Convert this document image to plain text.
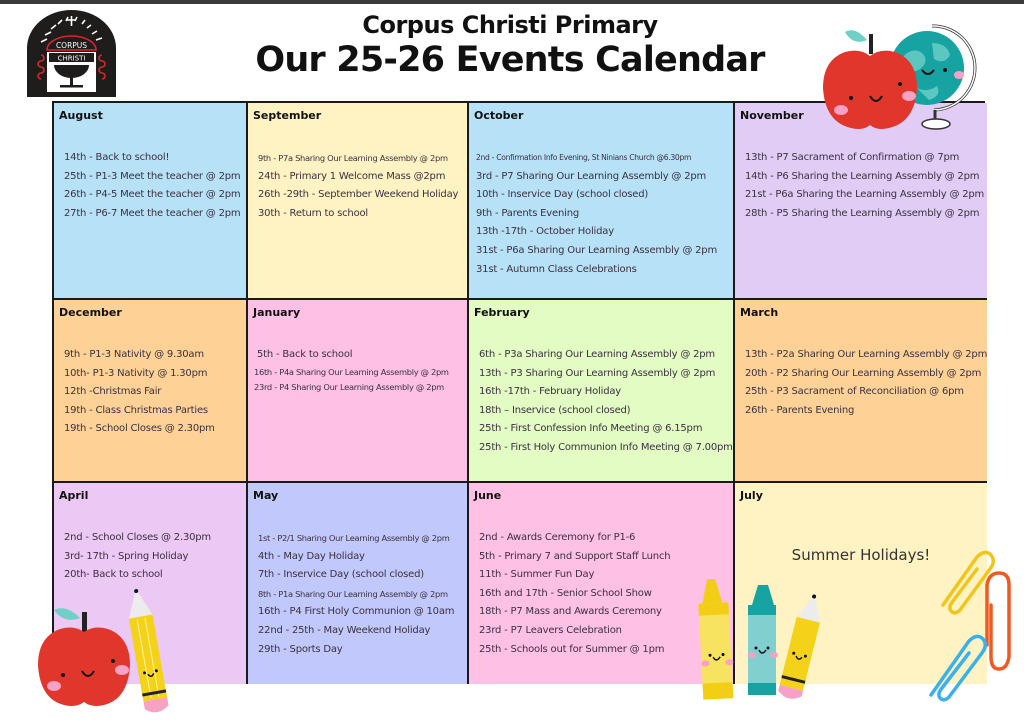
CORPUS
CHRISTI
Corpus Christi Primary
Our 25-26 Events Calendar
August
14th - Back to school!
25th - P1-3 Meet the teacher @ 2pm
26th - P4-5 Meet the teacher @ 2pm
27th - P6-7 Meet the teacher @ 2pm
September
9th - P7a Sharing Our Learning Assembly @ 2pm
24th - Primary 1 Welcome Mass @2pm
26th -29th - September Weekend Holiday
30th - Return to school
October
2nd - Confirmation Info Evening, St Ninians Church @6.30pm
3rd - P7 Sharing Our Learning Assembly @ 2pm
10th - Inservice Day (school closed)
9th - Parents Evening
13th -17th - October Holiday
31st - P6a Sharing Our Learning Assembly @ 2pm
31st - Autumn Class Celebrations
November
13th - P7 Sacrament of Confirmation @ 7pm
14th - P6 Sharing the Learning Assembly @ 2pm
21st - P6a Sharing the Learning Assembly @ 2pm
28th - P5 Sharing the Learning Assembly @ 2pm
December
9th - P1-3 Nativity @ 9.30am
10th- P1-3 Nativity @ 1.30pm
12th -Christmas Fair
19th - Class Christmas Parties
19th - School Closes @ 2.30pm
January
5th - Back to school
16th - P4a Sharing Our Learning Assembly @ 2pm
23rd - P4 Sharing Our Learning Assembly @ 2pm
February
6th - P3a Sharing Our Learning Assembly @ 2pm
13th - P3 Sharing Our Learning Assembly @ 2pm
16th -17th - February Holiday
18th – Inservice (school closed)
25th - First Confession Info Meeting @ 6.15pm
25th - First Holy Communion Info Meeting @ 7.00pm
March
13th - P2a Sharing Our Learning Assembly @ 2pm
20th - P2 Sharing Our Learning Assembly @ 2pm
25th - P3 Sacrament of Reconciliation @ 6pm
26th - Parents Evening
April
2nd - School Closes @ 2.30pm
3rd- 17th - Spring Holiday
20th- Back to school
May
1st - P2/1 Sharing Our Learning Assembly @ 2pm
4th - May Day Holiday
7th - Inservice Day (school closed)
8th - P1a Sharing Our Learning Assembly @ 2pm
16th - P4 First Holy Communion @ 10am
22nd - 25th - May Weekend Holiday
29th - Sports Day
June
2nd - Awards Ceremony for P1-6
5th - Primary 7 and Support Staff Lunch
11th - Summer Fun Day
16th and 17th - Senior School Show
18th - P7 Mass and Awards Ceremony
23rd - P7 Leavers Celebration
25th - Schools out for Summer @ 1pm
July
Summer Holidays!
